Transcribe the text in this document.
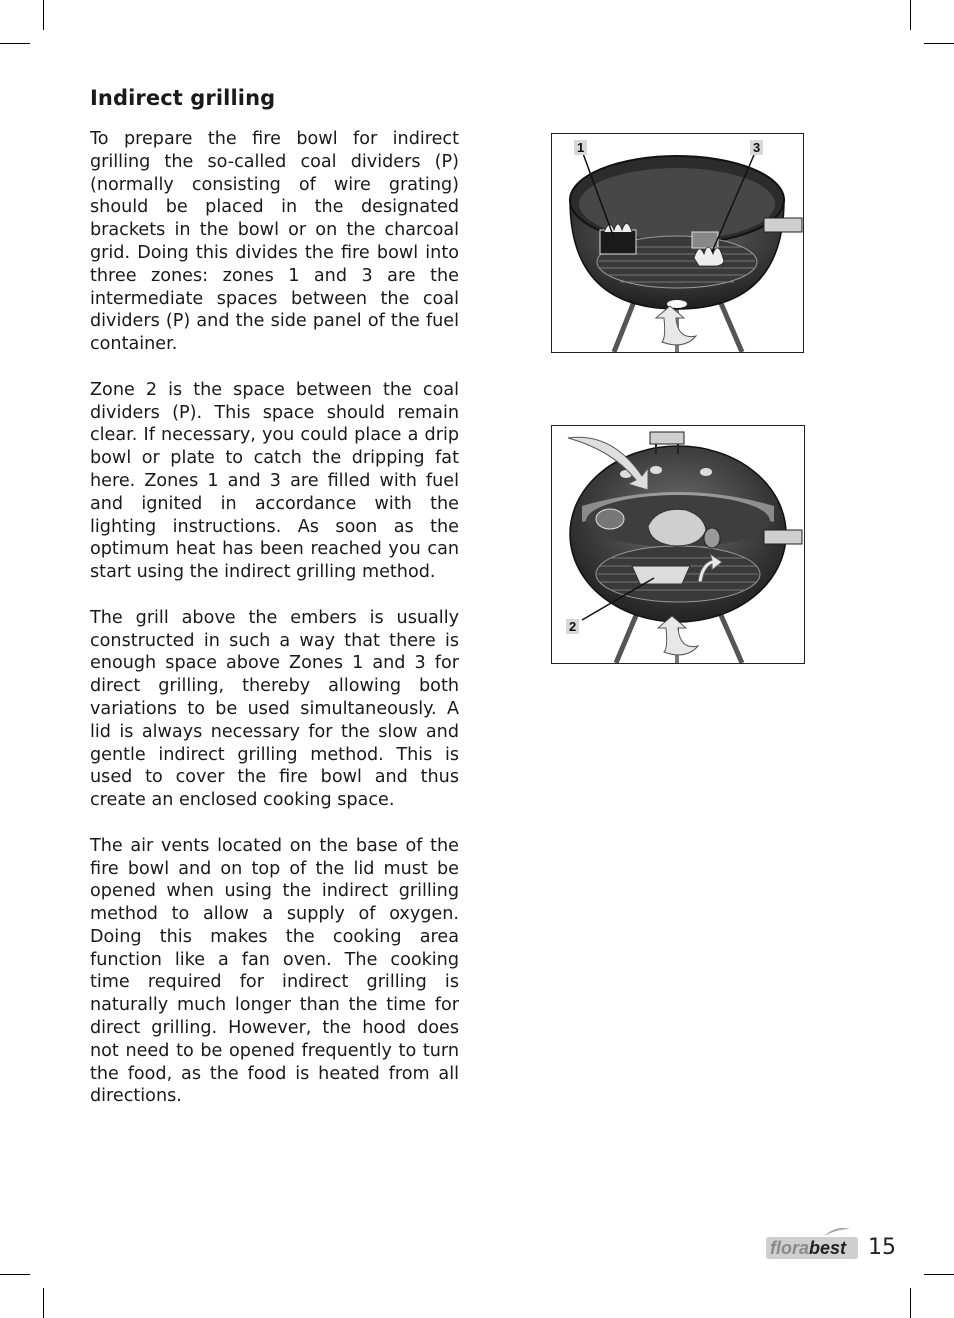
Indirect grilling

To prepare the fire bowl for indirect grilling the so-called coal dividers (P) (normally consisting of wire grating) should be placed in the designated brackets in the bowl or on the charcoal grid. Doing this divides the fire bowl into three zones: zones 1 and 3 are the intermediate spaces between the coal dividers (P) and the side panel of the fuel container.

Zone 2 is the space between the coal dividers (P). This space should remain clear. If necessary, you could place a drip bowl or plate to catch the dripping fat here. Zones 1 and 3 are filled with fuel and ignited in accordance with the lighting instructions. As soon as the optimum heat has been reached you can start using the indirect grilling method.

The grill above the embers is usually constructed in such a way that there is enough space above Zones 1 and 3 for direct grilling, thereby allowing both variations to be used simultaneously. A lid is always necessary for the slow and gentle indirect grilling method. This is used to cover the fire bowl and thus create an enclosed cooking space.

The air vents located on the base of the fire bowl and on top of the lid must be opened when using the indirect grilling method to allow a supply of oxygen. Doing this makes the cooking area function like a fan oven. The cooking time required for indirect grilling is naturally much longer than the time for direct grilling. However, the hood does not need to be opened frequently to turn the food, as the food is heated from all directions.

1	3
2
florabest 15
